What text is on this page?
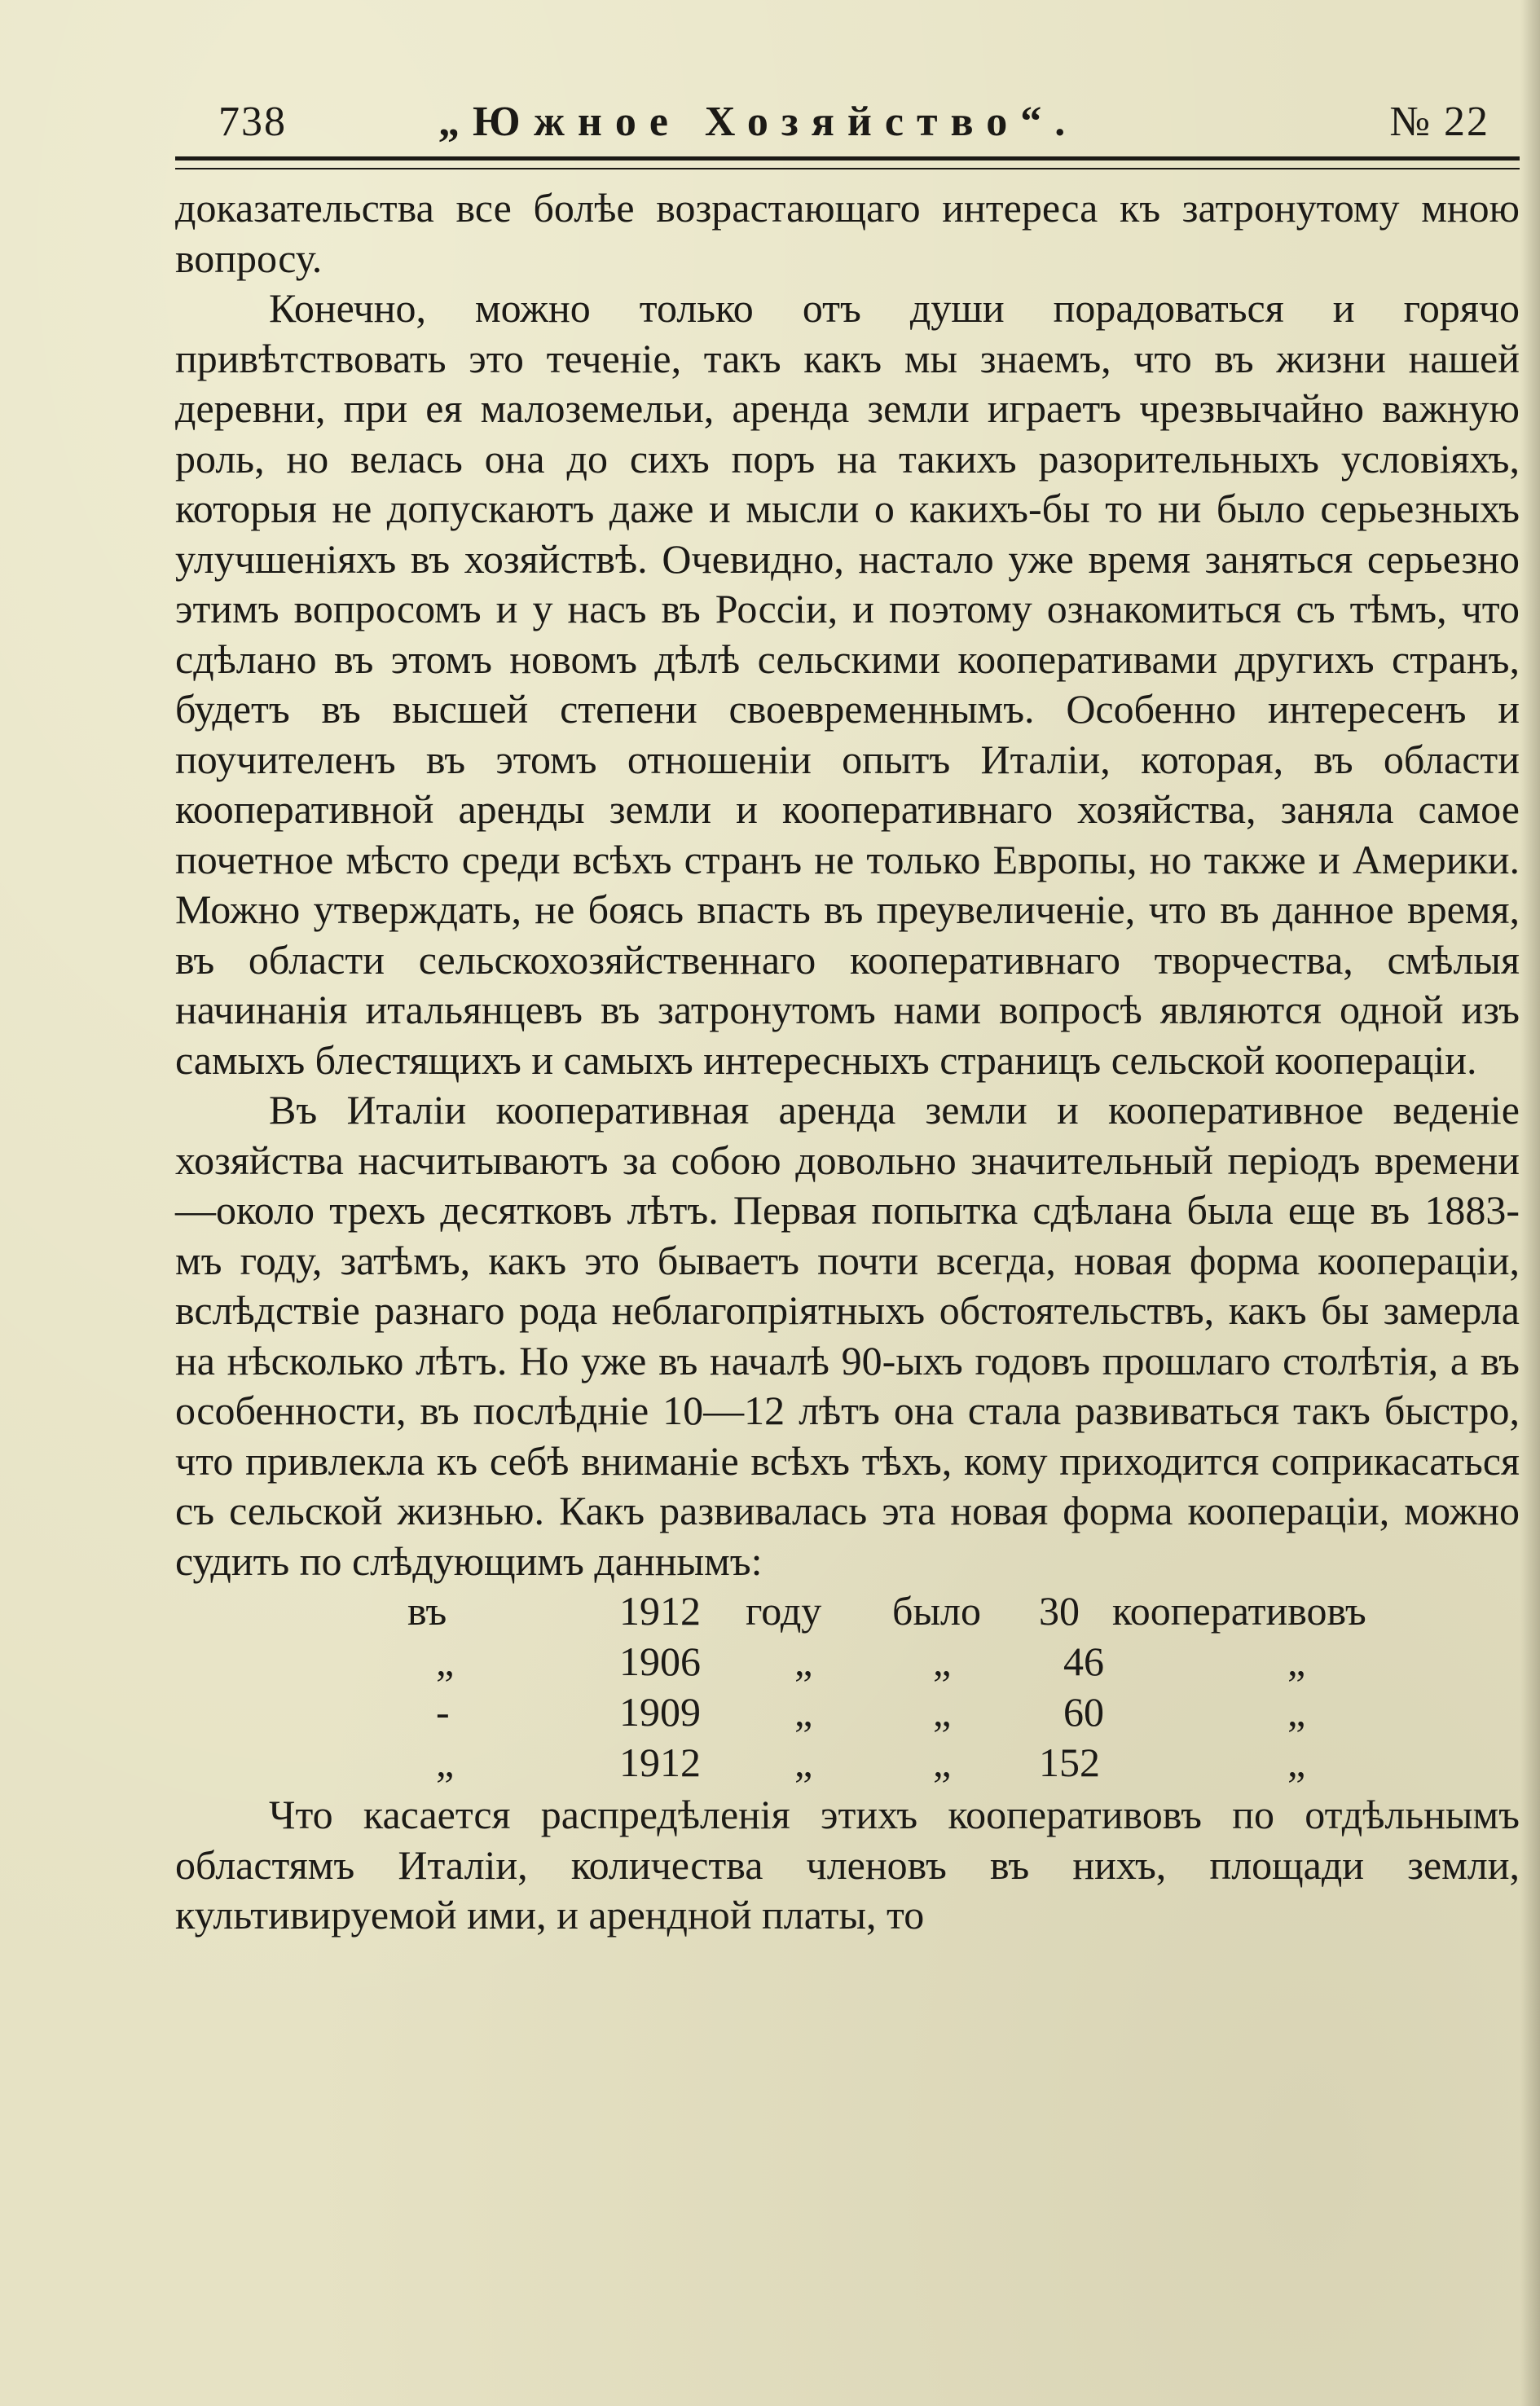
738	„Южное Хозяйство“.	№ 22

доказательства все болѣе возрастающаго интереса къ затронутому мною вопросу.

Конечно, можно только отъ души порадоваться и горячо привѣтствовать это теченіе, такъ какъ мы знаемъ, что въ жизни нашей деревни, при ея малоземельи, аренда земли играетъ чрезвычайно важную роль, но велась она до сихъ поръ на такихъ разорительныхъ условіяхъ, которыя не допускаютъ даже и мысли о какихъ-бы то ни было серьезныхъ улучшеніяхъ въ хозяйствѣ. Очевидно, настало уже время заняться серьезно этимъ вопросомъ и у насъ въ Россіи, и поэтому ознакомиться съ тѣмъ, что сдѣлано въ этомъ новомъ дѣлѣ сельскими кооперативами другихъ странъ, будетъ въ высшей степени своевременнымъ. Особенно интересенъ и поучителенъ въ этомъ отношеніи опытъ Италіи, которая, въ области кооперативной аренды земли и кооперативнаго хозяйства, заняла самое почетное мѣсто среди всѣхъ странъ не только Европы, но также и Америки. Можно утверждать, не боясь впасть въ преувеличеніе, что въ данное время, въ области сельскохозяйственнаго кооперативнаго творчества, смѣлыя начинанія итальянцевъ въ затронутомъ нами вопросѣ являются одной изъ самыхъ блестящихъ и самыхъ интересныхъ страницъ сельской коопераціи.

Въ Италіи кооперативная аренда земли и кооперативное веденіе хозяйства насчитываютъ за собою довольно значительный періодъ времени—около трехъ десятковъ лѣтъ. Первая попытка сдѣлана была еще въ 1883-мъ году, затѣмъ, какъ это бываетъ почти всегда, новая форма коопераціи, вслѣдствіе разнаго рода неблагопріятныхъ обстоятельствъ, какъ бы замерла на нѣсколько лѣтъ. Но уже въ началѣ 90-ыхъ годовъ прошлаго столѣтія, а въ особенности, въ послѣдніе 10—12 лѣтъ она стала развиваться такъ быстро, что привлекла къ себѣ вниманіе всѣхъ тѣхъ, кому приходится соприкасаться съ сельской жизнью. Какъ развивалась эта новая форма коопераціи, можно судить по слѣдующимъ даннымъ:

въ	1912 году было 30 кооперативовъ
„	1906 „	„	46	„
-	1909 „	„	60	„
„	1912 „	„ 152	„

Что касается распредѣленія этихъ кооперативовъ по отдѣльнымъ областямъ Италіи, количества членовъ въ нихъ, площади земли, культивируемой ими, и арендной платы, то
